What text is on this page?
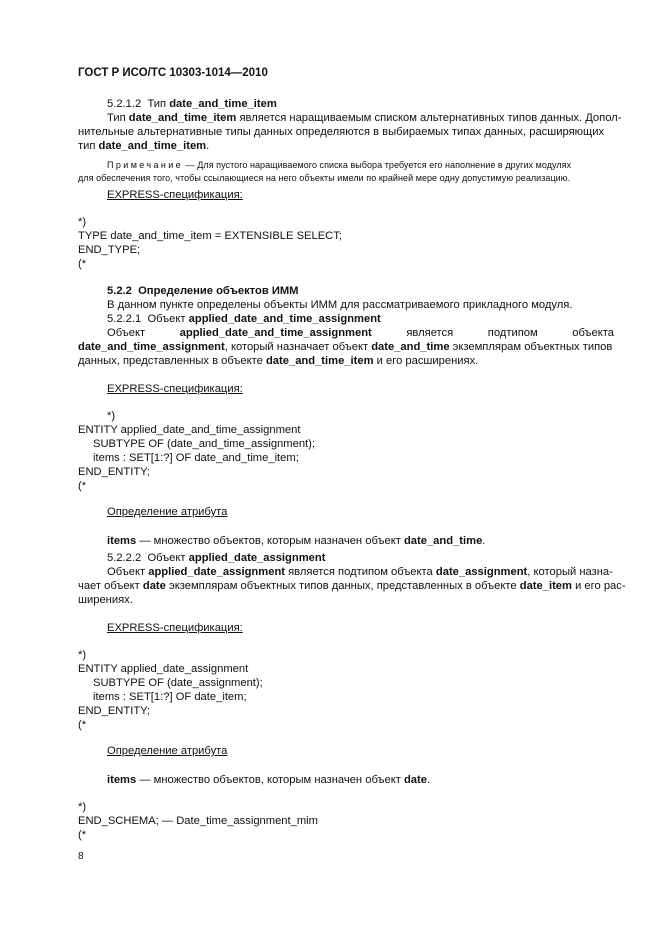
ГОСТ Р ИСО/ТС 10303-1014—2010
5.2.1.2 Тип date_and_time_item
Тип date_and_time_item является наращиваемым списком альтернативных типов данных. Допол-
нительные альтернативные типы данных определяются в выбираемых типах данных, расширяющих
тип date_and_time_item.
Примечание — Для пустого наращиваемого списка выбора требуется его наполнение в других модулях
для обеспечения того, чтобы ссылающиеся на него объекты имели по крайней мере одну допустимую реализацию.
EXPRESS-спецификация:
*)
TYPE date_and_time_item = EXTENSIBLE SELECT;
END_TYPE;
(*
5.2.2 Определение объектов ИММ
В данном пункте определены объекты ИММ для рассматриваемого прикладного модуля.
5.2.2.1 Объект applied_date_and_time_assignment
Объект	applied_date_and_time_assignment	является	подтипом	объекта
date_and_time_assignment, который назначает объект date_and_time экземплярам объектных типов
данных, представленных в объекте date_and_time_item и его расширениях.
EXPRESS-спецификация:
*)
ENTITY applied_date_and_time_assignment
SUBTYPE OF (date_and_time_assignment);
items : SET[1:?] OF date_and_time_item;
END_ENTITY;
(*
Определение атрибута
items — множество объектов, которым назначен объект date_and_time.
5.2.2.2 Объект applied_date_assignment
Объект applied_date_assignment является подтипом объекта date_assignment, который назна-
чает объект date экземплярам объектных типов данных, представленных в объекте date_item и его рас-
ширениях.
EXPRESS-спецификация:
*)
ENTITY applied_date_assignment
SUBTYPE OF (date_assignment);
items : SET[1:?] OF date_item;
END_ENTITY;
(*
Определение атрибута
items — множество объектов, которым назначен объект date.
*)
END_SCHEMA; — Date_time_assignment_mim
(*
8
